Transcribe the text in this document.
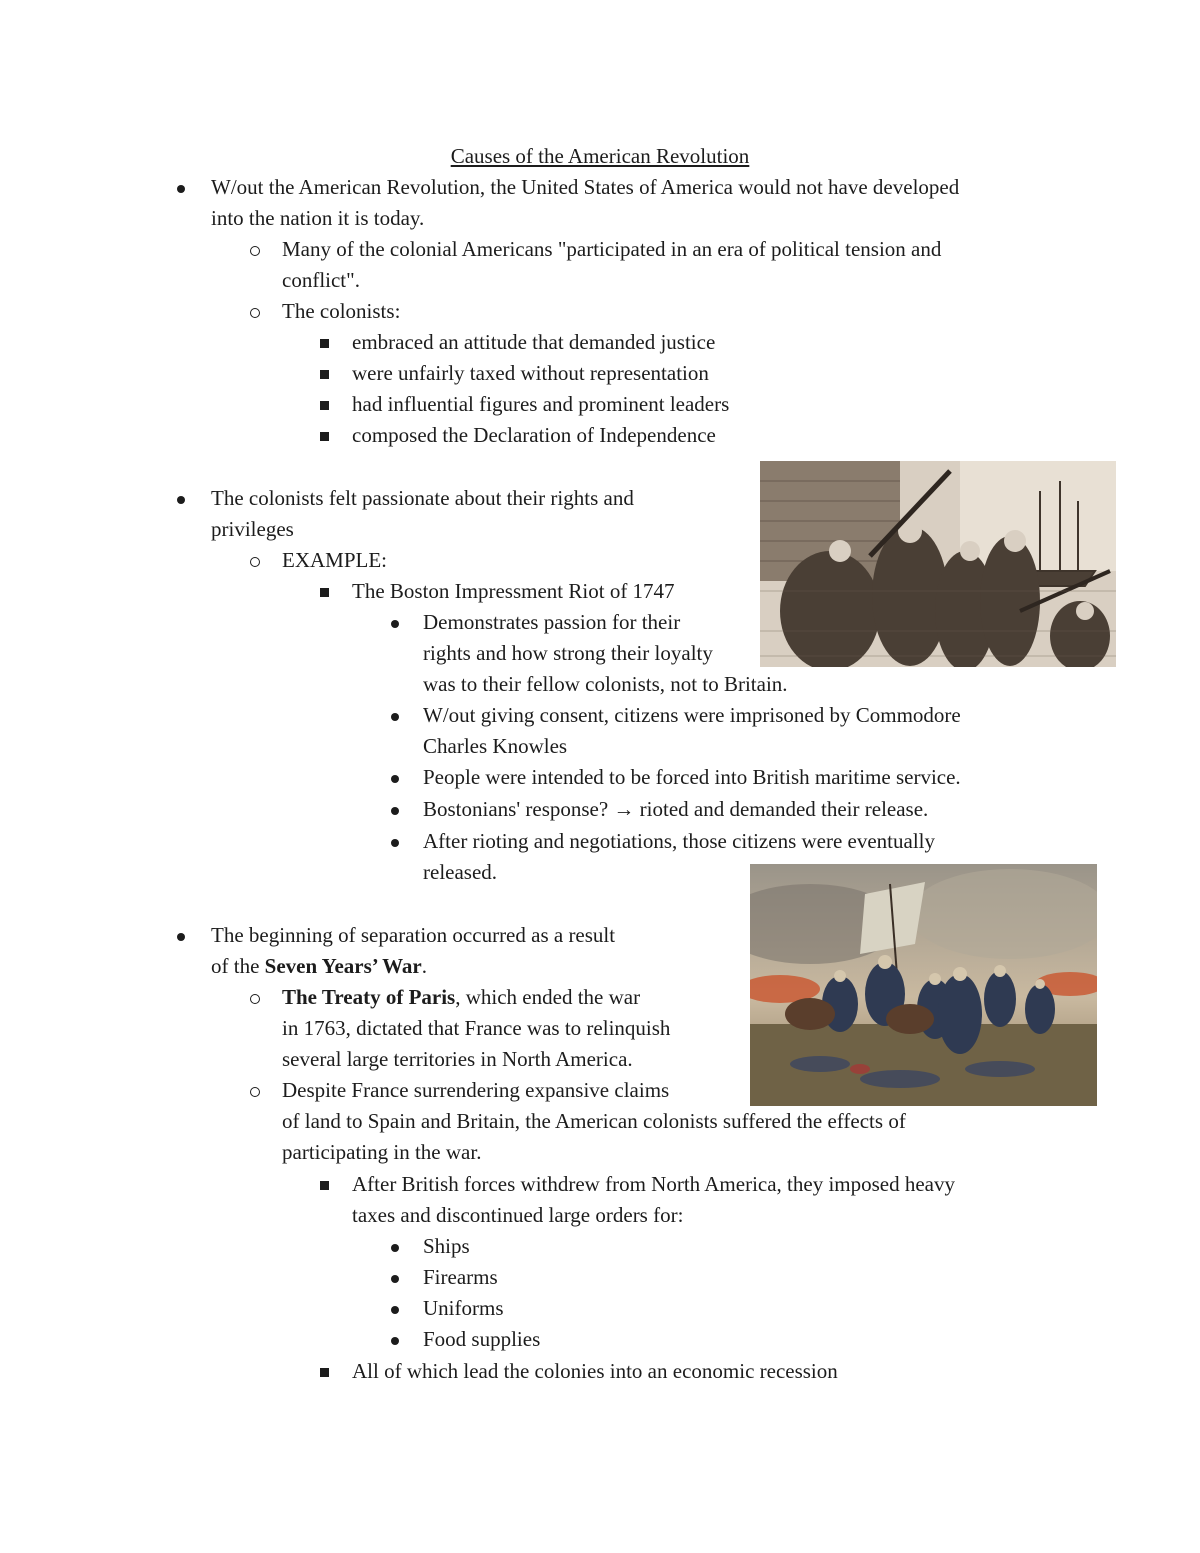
Causes of the American Revolution
W/out the American Revolution, the United States of America would not have developed
into the nation it is today.
Many of the colonial Americans "participated in an era of political tension and
conflict".
The colonists:
embraced an attitude that demanded justice
were unfairly taxed without representation
had influential figures and prominent leaders
composed the Declaration of Independence
The colonists felt passionate about their rights and
privileges
EXAMPLE:
The Boston Impressment Riot of 1747
Demonstrates passion for their
rights and how strong their loyalty
was to their fellow colonists, not to Britain.
W/out giving consent, citizens were imprisoned by Commodore
Charles Knowles
People were intended to be forced into British maritime service.
Bostonians' response? → rioted and demanded their release.
After rioting and negotiations, those citizens were eventually
released.
The beginning of separation occurred as a result
of the Seven Years’ War.
The Treaty of Paris, which ended the war
in 1763, dictated that France was to relinquish
several large territories in North America.
Despite France surrendering expansive claims
of land to Spain and Britain, the American colonists suffered the effects of
participating in the war.
After British forces withdrew from North America, they imposed heavy
taxes and discontinued large orders for:
Ships
Firearms
Uniforms
Food supplies
All of which lead the colonies into an economic recession
